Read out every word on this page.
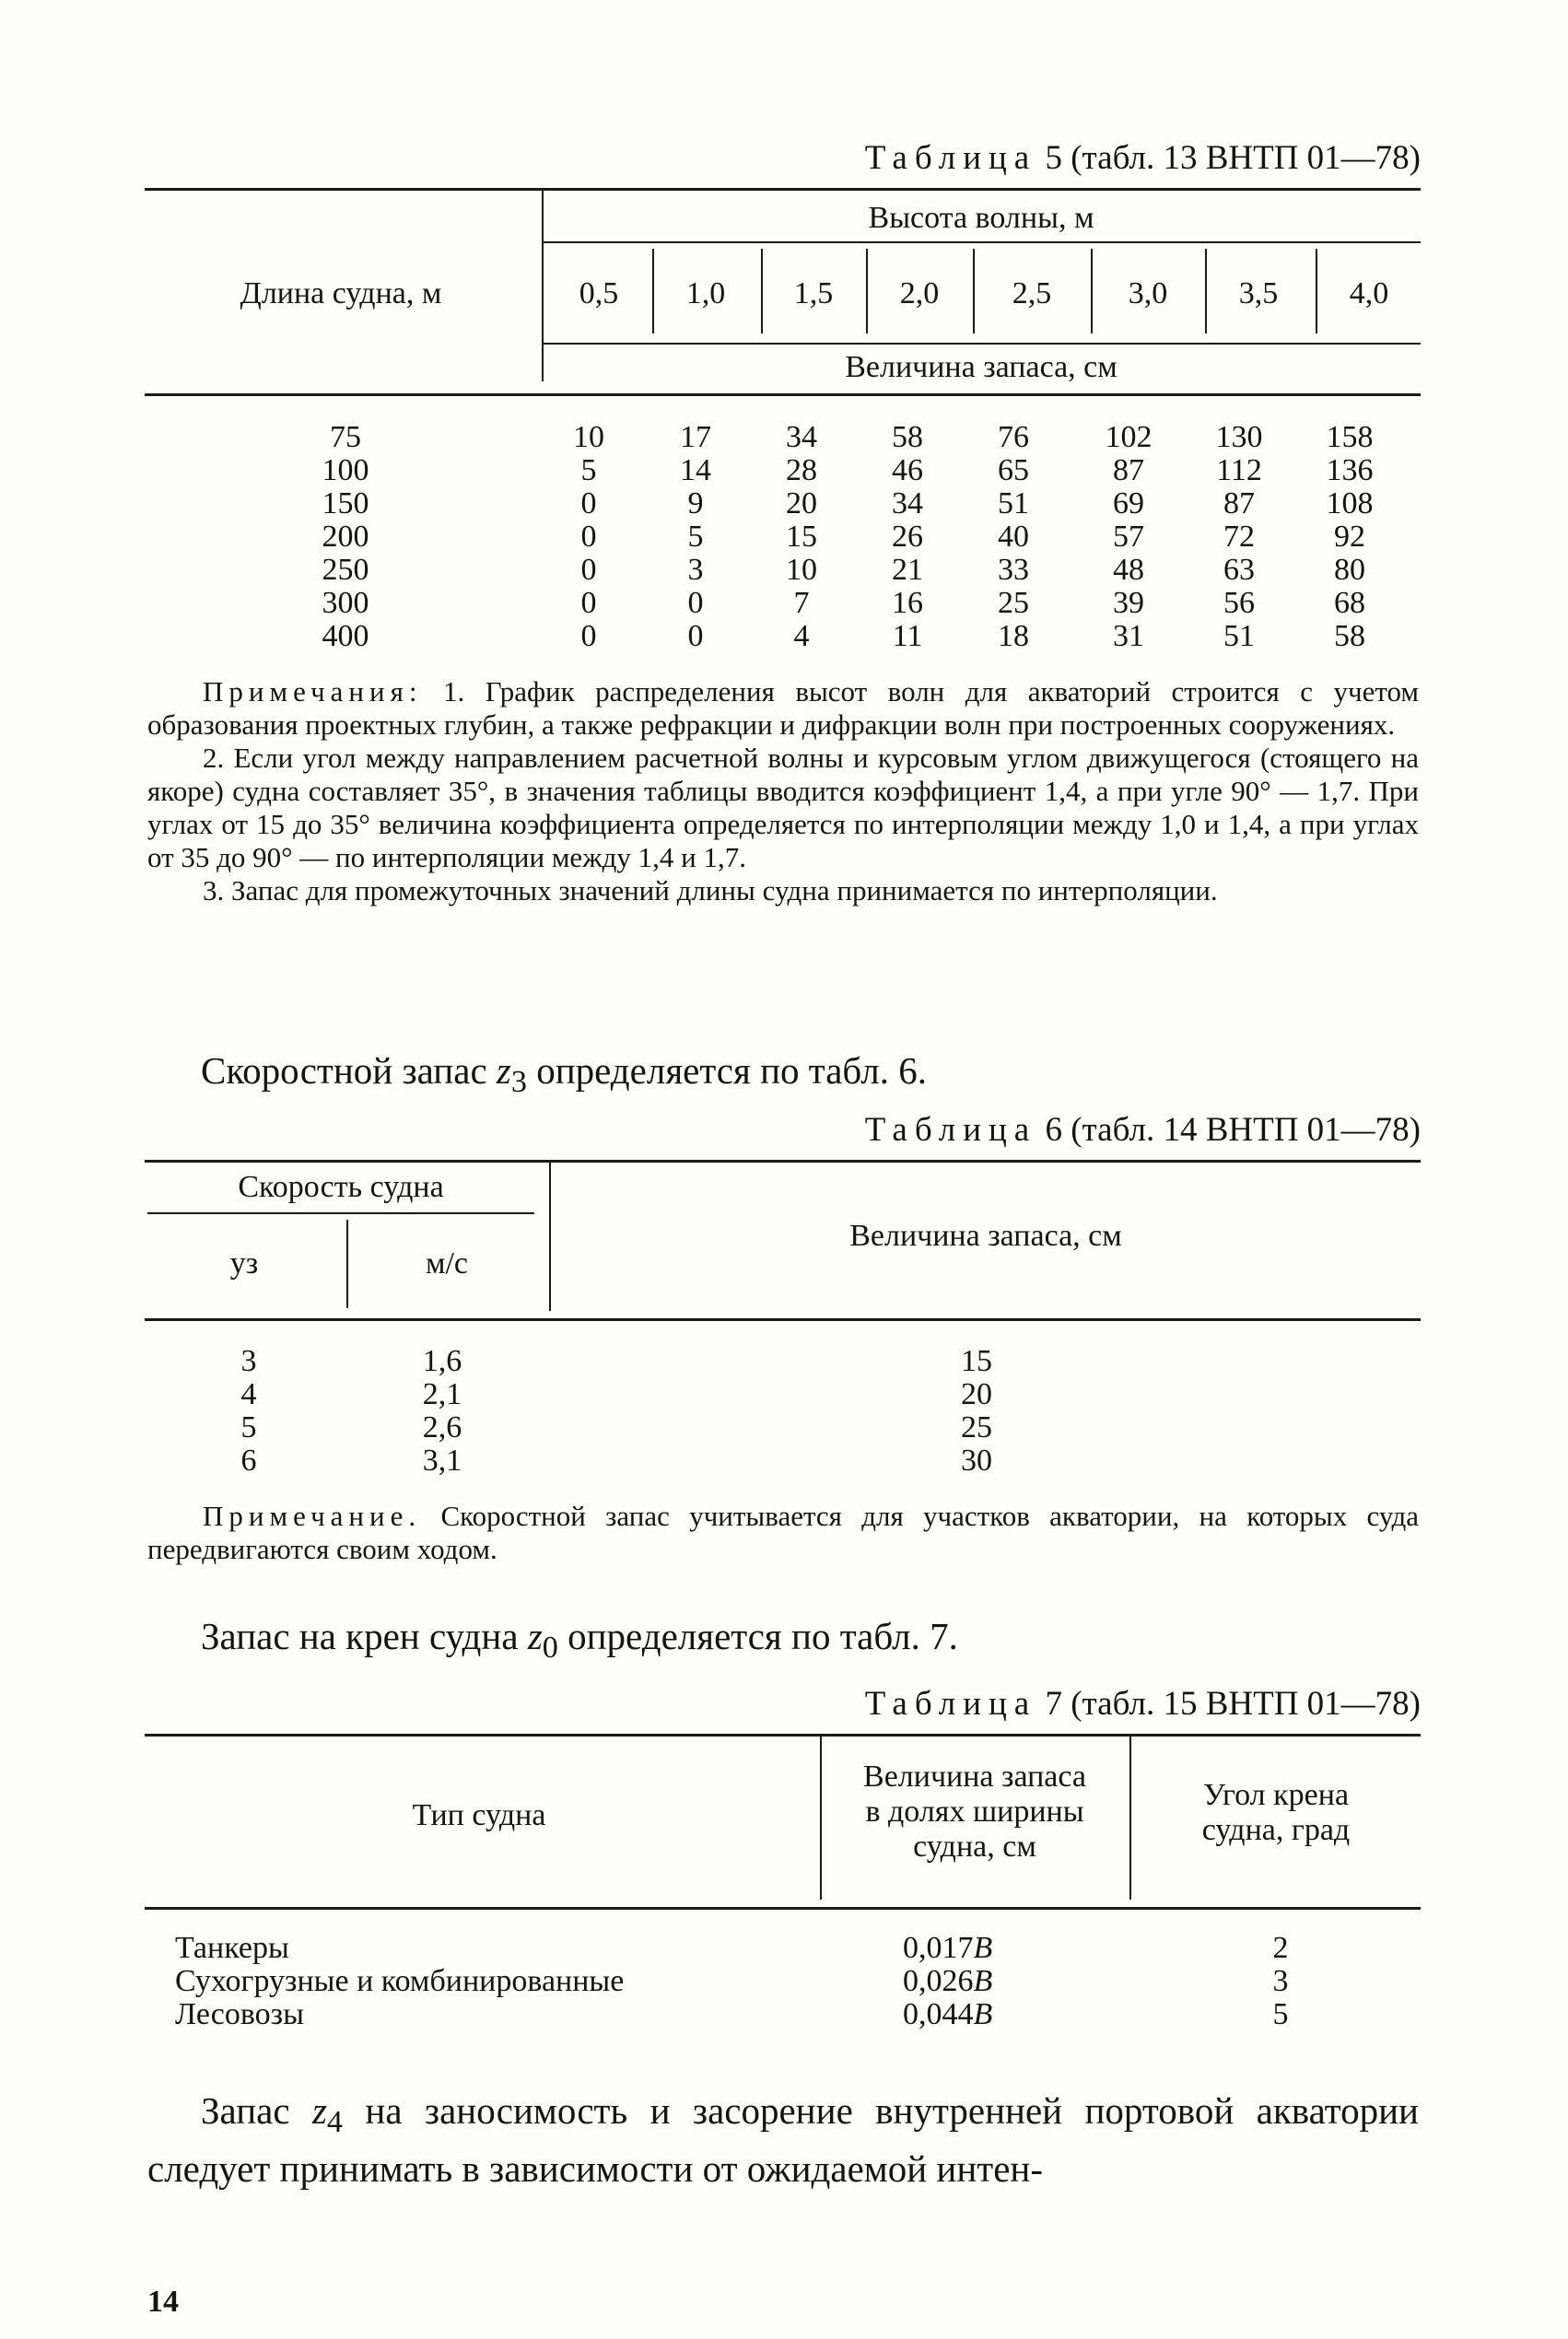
Таблица 5 (табл. 13 ВНТП 01—78)
Длина судна, м
Высота волны, м
0,5	1,0	1,5	2,0	2,5	3,0	3,5	4,0
Величина запаса, см
75	10	17	34	58	76	102	130	158
100	5	14	28	46	65	87	112	136
150	0	9	20	34	51	69	87	108
200	0	5	15	26	40	57	72	92
250	0	3	10	21	33	48	63	80
300	0	0	7	16	25	39	56	68
400	0	0	4	11	18	31	51	58
Примечания: 1. График распределения высот волн для акваторий строится с учетом образования проектных глубин, а также рефракции и дифракции волн при построенных сооружениях.
2. Если угол между направлением расчетной волны и курсовым углом движущегося (стоящего на якоре) судна составляет 35°, в значения таблицы вводится коэффициент 1,4, а при угле 90° — 1,7. При углах от 15 до 35° величина коэффициента определяется по интерполяции между 1,0 и 1,4, а при углах от 35 до 90° — по интерполяции между 1,4 и 1,7.
3. Запас для промежуточных значений длины судна принимается по интерполяции.
Скоростной запас $z_3$ определяется по табл. 6.
Таблица 6 (табл. 14 ВНТП 01—78)
Скорость судна
уз	м/с
Величина запаса, см
3	1,6	15
4	2,1	20
5	2,6	25
6	3,1	30
Примечание. Скоростной запас учитывается для участков акватории, на которых суда передвигаются своим ходом.
Запас на крен судна $z_0$ определяется по табл. 7.
Таблица 7 (табл. 15 ВНТП 01—78)
Тип судна
Величина запаса
в долях ширины
судна, см
Угол крена
судна, град
Танкеры	0,017B	2
Сухогрузные и комбинированные	0,026B	3
Лесовозы	0,044B	5
Запас $z_4$ на заносимость и засорение внутренней портовой акватории следует принимать в зависимости от ожидаемой интен-
14
